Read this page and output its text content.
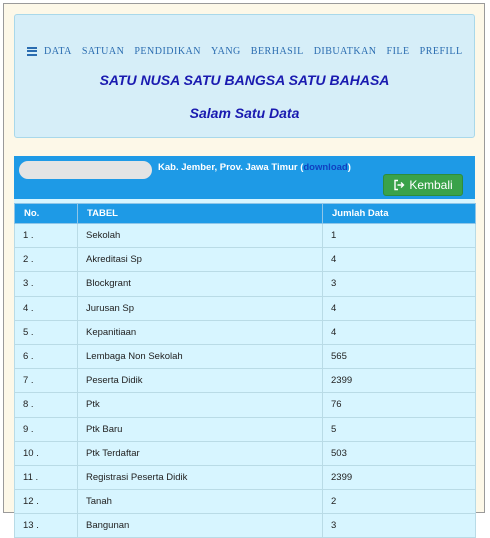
DATA SATUAN PENDIDIKAN YANG BERHASIL DIBUATKAN FILE PREFILL
SATU NUSA SATU BANGSA SATU BAHASA
Salam Satu Data
Kab. Jember, Prov. Jawa Timur (download)
Kembali
No.	TABEL	Jumlah Data
1 .	Sekolah	1
2 .	Akreditasi Sp	4
3 .	Blockgrant	3
4 .	Jurusan Sp	4
5 .	Kepanitiaan	4
6 .	Lembaga Non Sekolah	565
7 .	Peserta Didik	2399
8 .	Ptk	76
9 .	Ptk Baru	5
10 .	Ptk Terdaftar	503
11 .	Registrasi Peserta Didik	2399
12 .	Tanah	2
13 .	Bangunan	3
